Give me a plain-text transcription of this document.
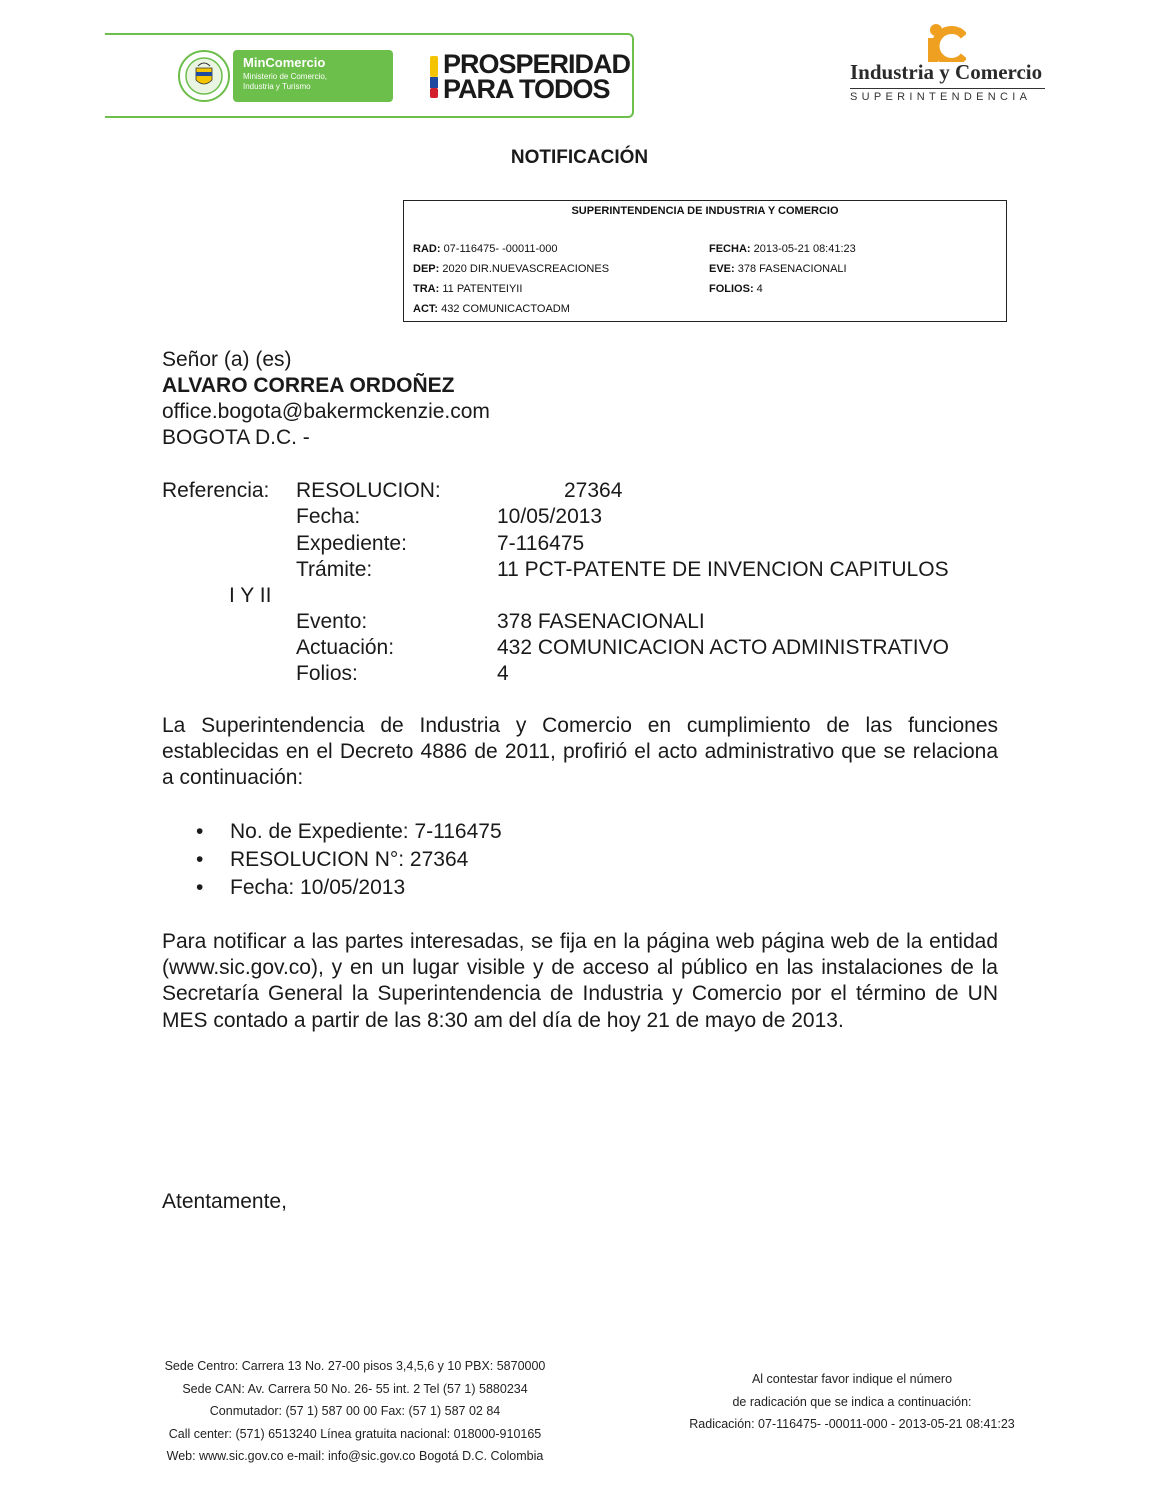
MinComercio
Ministerio de Comercio,
Industria y Turismo
PROSPERIDAD
PARA TODOS
Industria y Comercio
SUPERINTENDENCIA
NOTIFICACIÓN
SUPERINTENDENCIA DE INDUSTRIA Y COMERCIO
RAD: 07-116475- -00011-000	FECHA: 2013-05-21 08:41:23
DEP: 2020 DIR.NUEVASCREACIONES	EVE: 378 FASENACIONALI
TRA: 11 PATENTEIYII	FOLIOS: 4
ACT: 432 COMUNICACTOADM
Señor (a) (es)
ALVARO CORREA ORDOÑEZ
office.bogota@bakermckenzie.com
BOGOTA D.C. -
Referencia: RESOLUCION:	27364
Fecha:	10/05/2013
Expediente:	7-116475
Trámite:	11 PCT-PATENTE DE INVENCION CAPITULOS
I Y II
Evento:	378 FASENACIONALI
Actuación:	432 COMUNICACION ACTO ADMINISTRATIVO
Folios:	4
La Superintendencia de Industria y Comercio en cumplimiento de las funciones establecidas en el Decreto 4886 de 2011, profirió el acto administrativo que se relaciona a continuación:
• No. de Expediente: 7-116475
• RESOLUCION N°: 27364
• Fecha: 10/05/2013
Para notificar a las partes interesadas, se fija en la página web página web de la entidad (www.sic.gov.co), y en un lugar visible y de acceso al público en las instalaciones de la Secretaría General la Superintendencia de Industria y Comercio por el término de UN MES contado a partir de las 8:30 am del día de hoy 21 de mayo de 2013.
Atentamente,
Sede Centro: Carrera 13 No. 27-00 pisos 3,4,5,6 y 10 PBX: 5870000
Sede CAN: Av. Carrera 50 No. 26- 55 int. 2 Tel (57 1) 5880234
Conmutador: (57 1) 587 00 00 Fax: (57 1) 587 02 84
Call center: (571) 6513240 Línea gratuita nacional: 018000-910165
Web: www.sic.gov.co e-mail: info@sic.gov.co Bogotá D.C. Colombia
Al contestar favor indique el número
de radicación que se indica a continuación:
Radicación: 07-116475- -00011-000 - 2013-05-21 08:41:23
